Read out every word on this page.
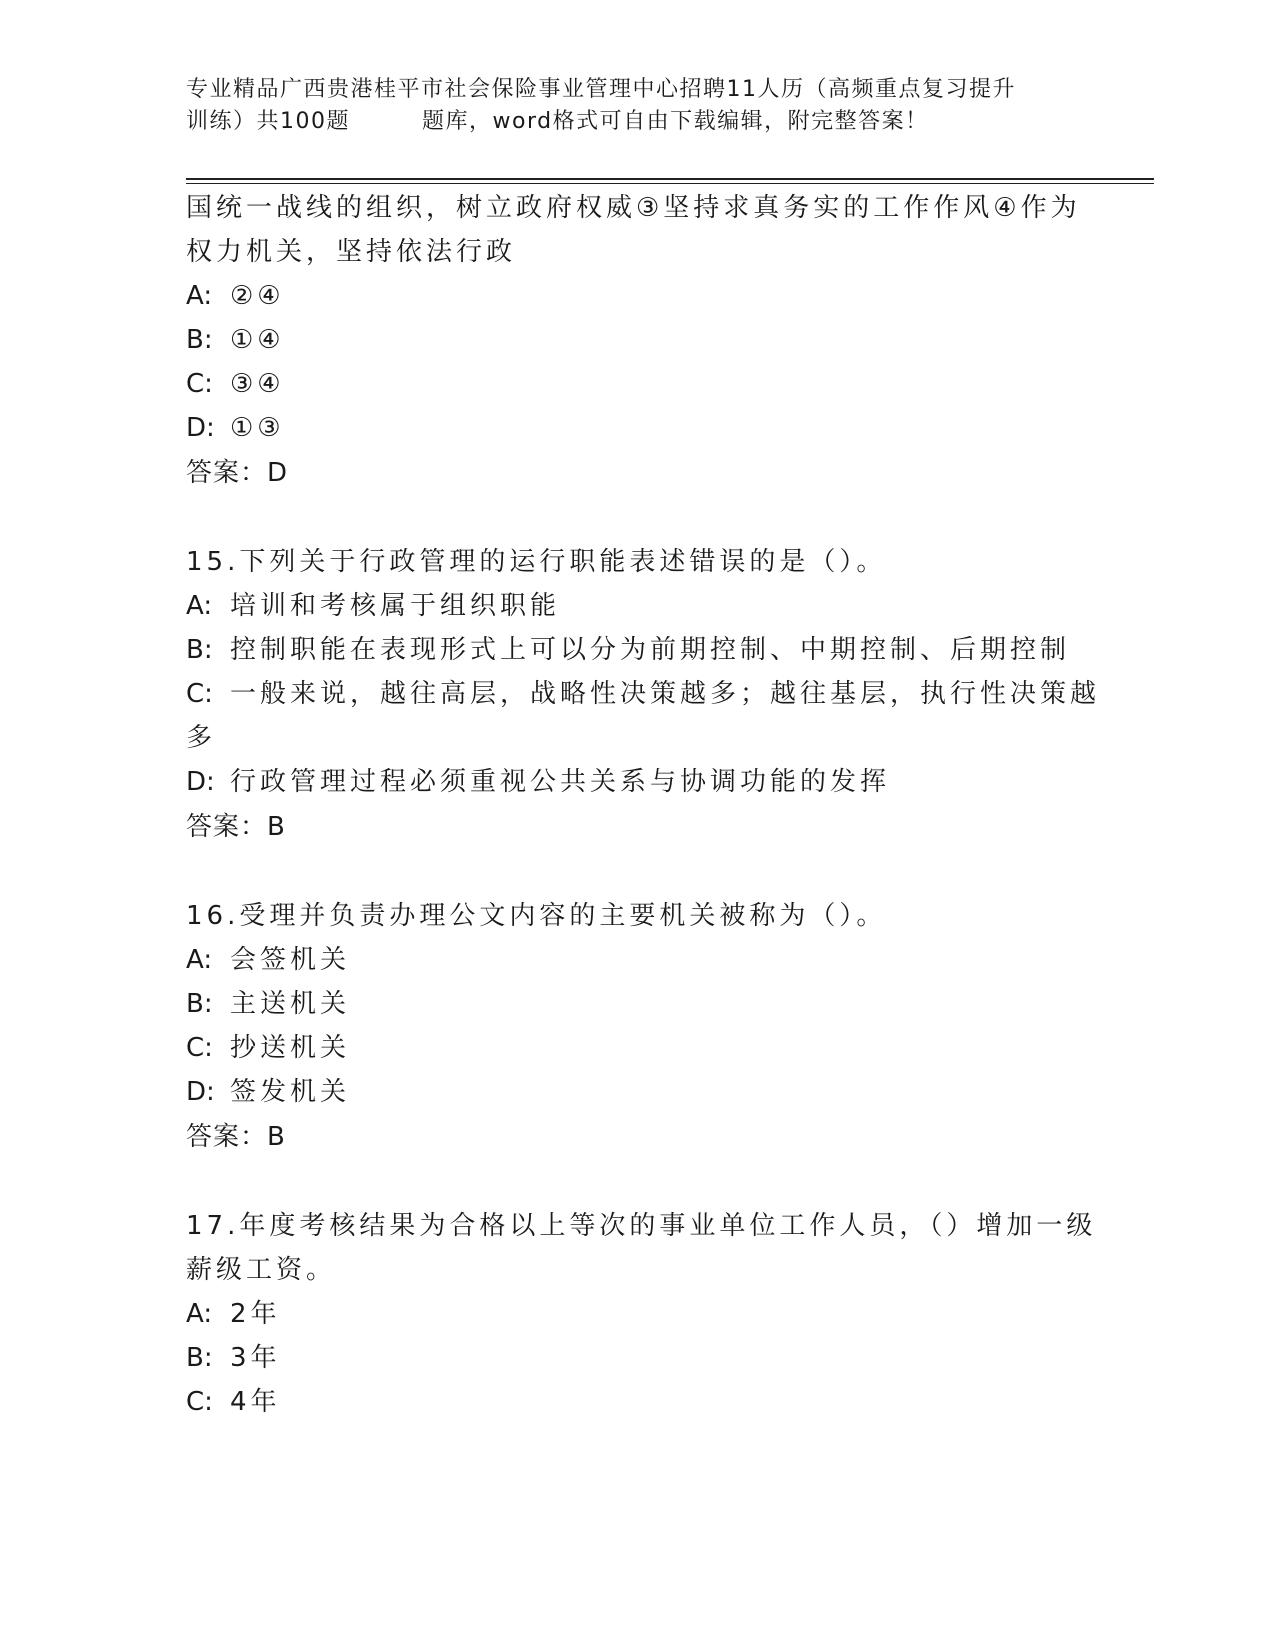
专业精品广西贵港桂平市社会保险事业管理中心招聘11人历（高频重点复习提升
训练）共100题	题库，word格式可自由下载编辑，附完整答案！
国统一战线的组织，树立政府权威③坚持求真务实的工作作风④作为
权力机关，坚持依法行政
A: ②④
B: ①④
C: ③④
D: ①③
答案：D
15.下列关于行政管理的运行职能表述错误的是（）。
A: 培训和考核属于组织职能
B: 控制职能在表现形式上可以分为前期控制、中期控制、后期控制
C: 一般来说，越往高层，战略性决策越多；越往基层，执行性决策越
多
D: 行政管理过程必须重视公共关系与协调功能的发挥
答案：B
16.受理并负责办理公文内容的主要机关被称为（）。
A: 会签机关
B: 主送机关
C: 抄送机关
D: 签发机关
答案：B
17.年度考核结果为合格以上等次的事业单位工作人员，（）增加一级
薪级工资。
A: 2年
B: 3年
C: 4年
